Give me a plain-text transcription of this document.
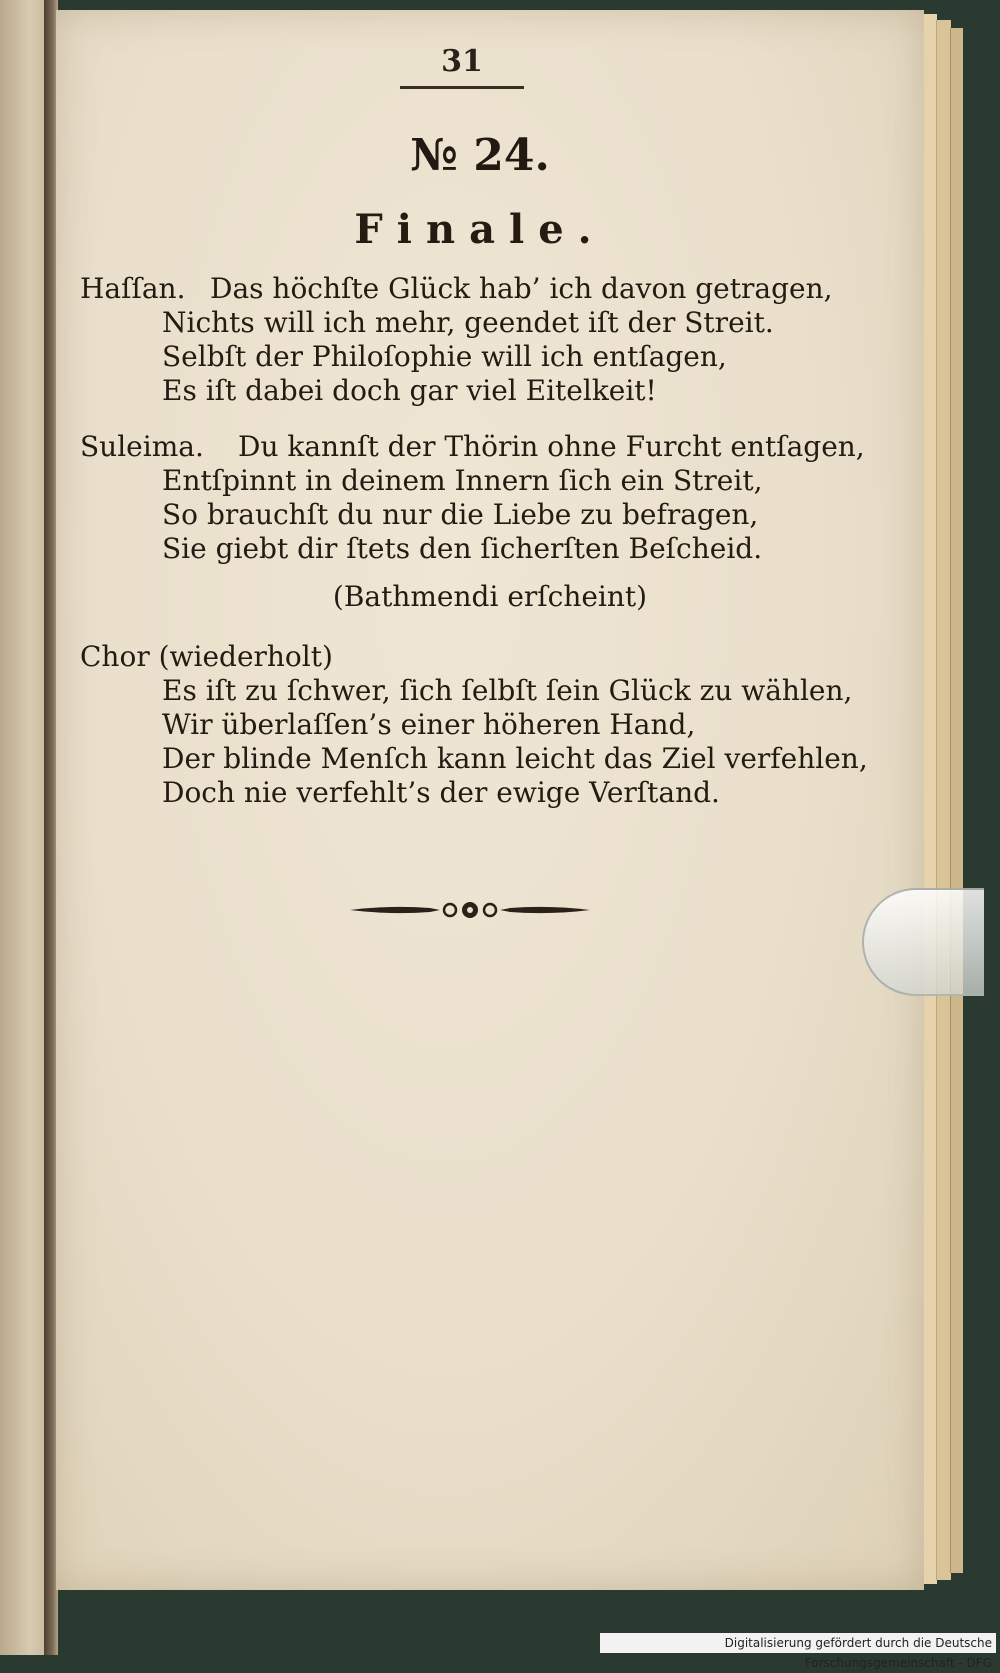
31
№ 24.
Finale.
Haſſan. Das höchſte Glück hab’ ich davon getragen,
Nichts will ich mehr, geendet iſt der Streit.
Selbſt der Philoſophie will ich entſagen,
Es iſt dabei doch gar viel Eitelkeit!
Suleima. Du kannſt der Thörin ohne Furcht entſagen,
Entſpinnt in deinem Innern ſich ein Streit,
So brauchſt du nur die Liebe zu befragen,
Sie giebt dir ſtets den ſicherſten Beſcheid.
(Bathmendi erſcheint)
Chor (wiederholt)
Es iſt zu ſchwer, ſich ſelbſt ſein Glück zu wählen,
Wir überlaſſen’s einer höheren Hand,
Der blinde Menſch kann leicht das Ziel verfehlen,
Doch nie verfehlt’s der ewige Verſtand.
Digitalisierung gefördert durch die Deutsche Forschungsgemeinschaft - DFG
